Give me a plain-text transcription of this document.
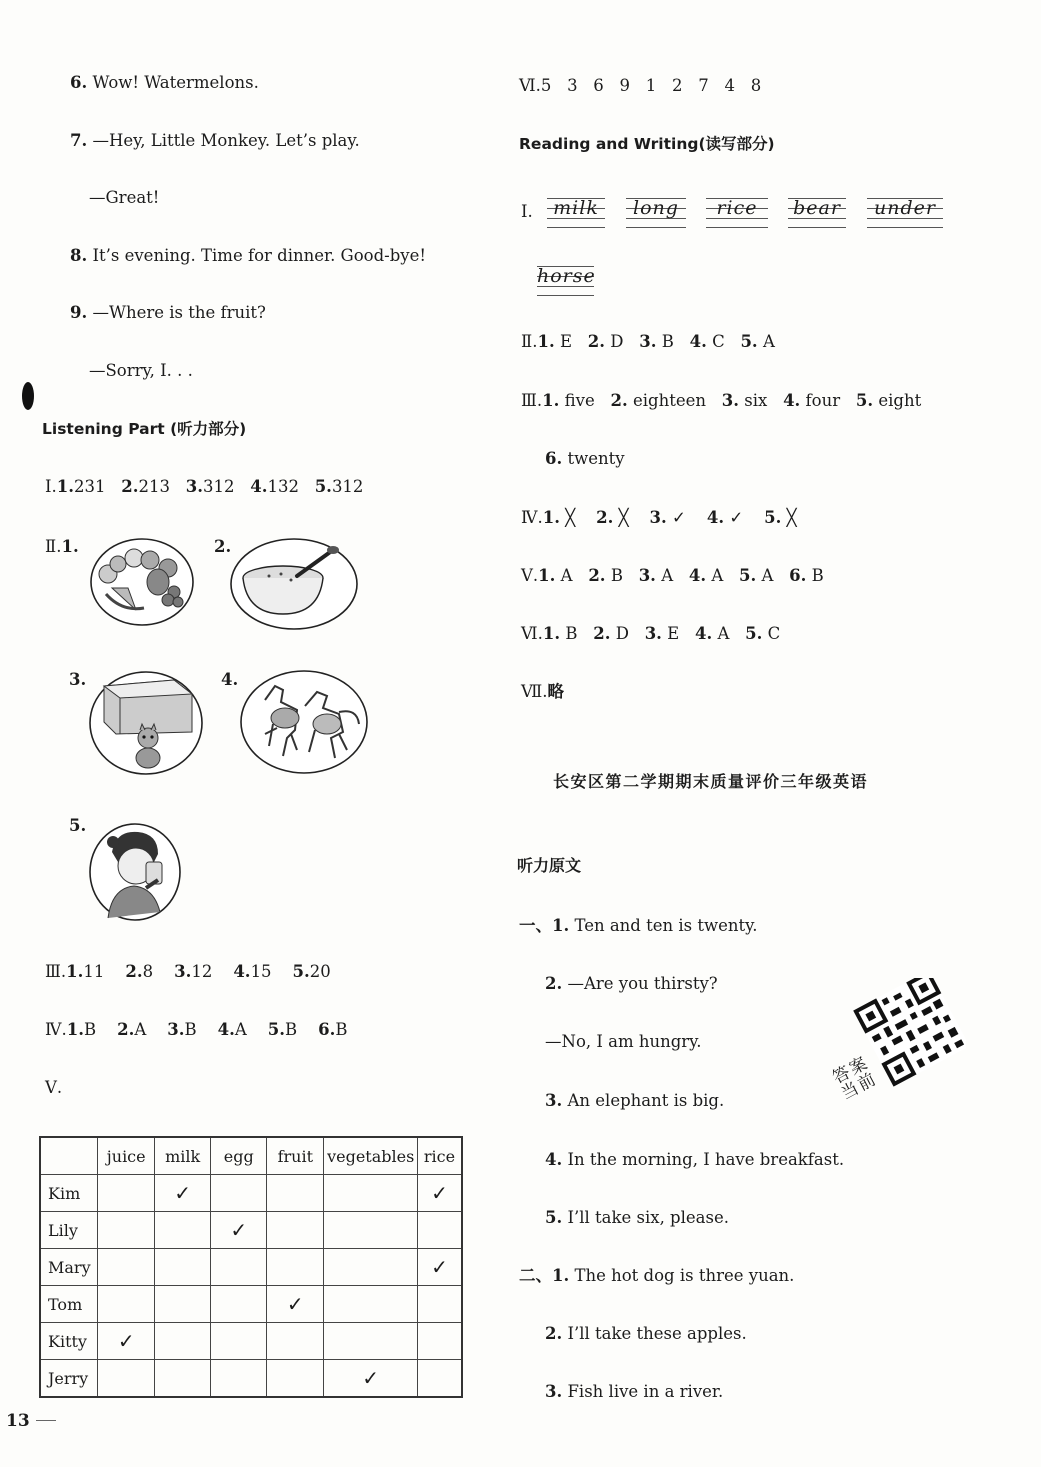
6. Wow! Watermelons.
7. —Hey, Little Monkey. Let’s play.
—Great!
8. It’s evening. Time for dinner. Good-bye!
9. —Where is the fruit?
—Sorry, I. . .
Listening Part (听力部分)
Ⅰ.1.231 2.213 3.312 4.132 5.312
Ⅱ.1.	2.
3.	4.
5.
Ⅲ.1.11 2.8 3.12 4.15 5.20
Ⅳ.1.B 2.A 3.B 4.A 5.B 6.B
Ⅴ.
	juice	milk	egg	fruit	vegetables	rice
Kim		✓				✓
Lily			✓			
Mary						✓
Tom				✓		
Kitty	✓					
Jerry					✓	
13
Ⅵ.5   3   6   9   1   2   7   4   8
Reading and Writing(读写部分)
Ⅰ.	milk	long	rice	bear	under
horse
Ⅱ.1. E 2. D 3. B 4. C 5. A
Ⅲ.1. five 2. eighteen 3. six 4. four 5. eight
6. twenty
Ⅳ.1. ╳ 2. ╳ 3. ✓ 4. ✓ 5. ╳
Ⅴ.1. A 2. B 3. A 4. A 5. A 6. B
Ⅵ.1. B 2. D 3. E 4. A 5. C
Ⅶ.略
长安区第二学期期末质量评价三年级英语
听力原文
一、1. Ten and ten is twenty.
2. —Are you thirsty?
—No, I am hungry.
3. An elephant is big.
4. In the morning, I have breakfast.
5. I’ll take six, please.
二、1. The hot dog is three yuan.
2. I’ll take these apples.
3. Fish live in a river.
答案当前
